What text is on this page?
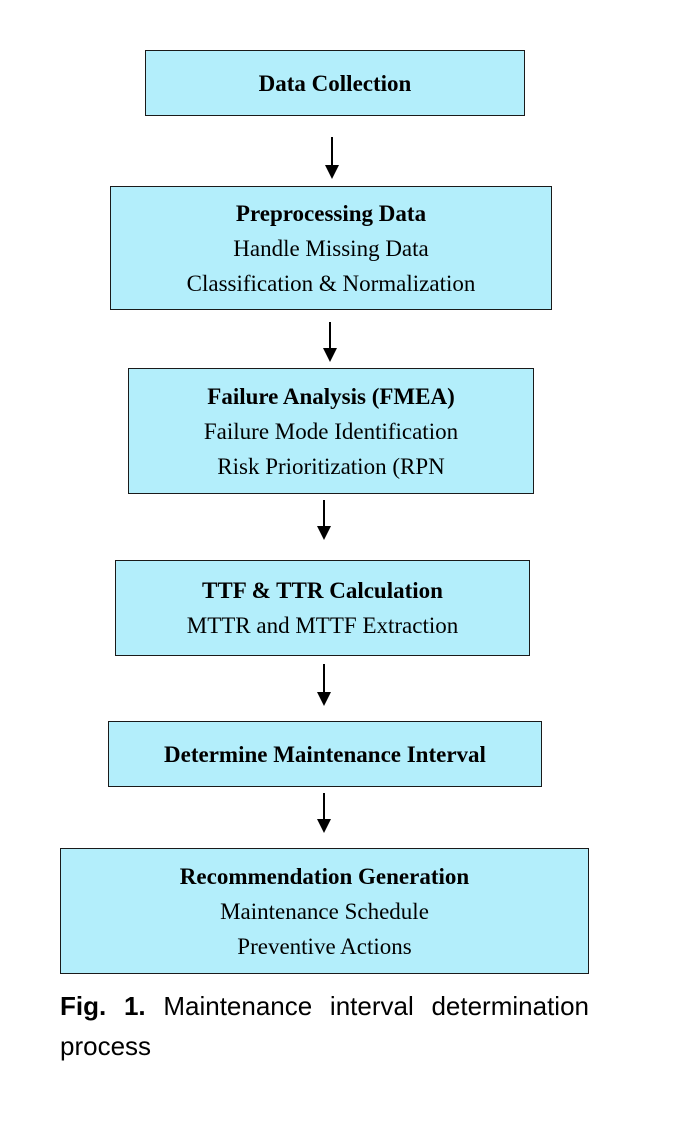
Data Collection
Preprocessing Data
Handle Missing Data
Classification & Normalization
Failure Analysis (FMEA)
Failure Mode Identification
Risk Prioritization (RPN
TTF & TTR Calculation
MTTR and MTTF Extraction
Determine Maintenance Interval
Recommendation Generation
Maintenance Schedule
Preventive Actions
Fig. 1. Maintenance interval determination process
